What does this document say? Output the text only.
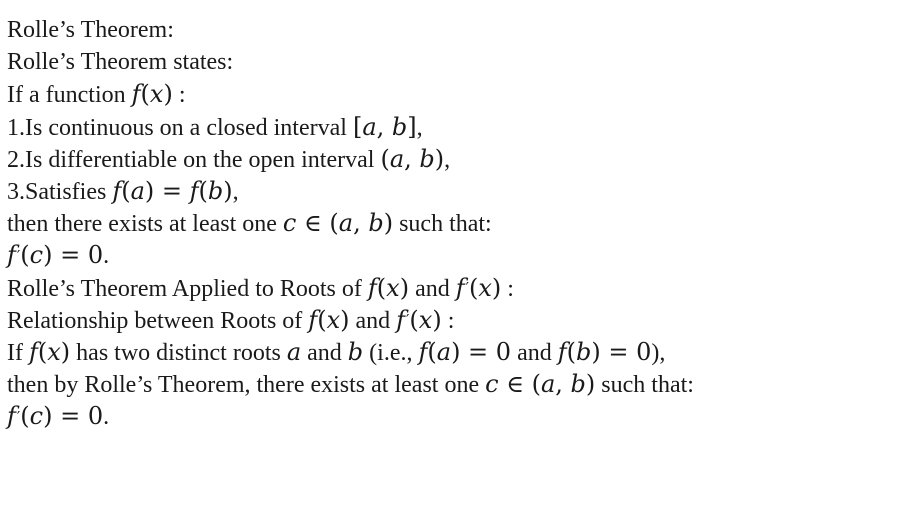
Rolle’s Theorem:
Rolle’s Theorem states:
If a function f(x) :
1.Is continuous on a closed interval [a, b],
2.Is differentiable on the open interval (a, b),
3.Satisfies f(a) = f(b),
then there exists at least one c ∈ (a, b) such that:
f′(c) = 0.
Rolle’s Theorem Applied to Roots of f(x) and f′(x) :
Relationship between Roots of f(x) and f′(x) :
If f(x) has two distinct roots a and b (i.e., f(a) = 0 and f(b) = 0),
then by Rolle’s Theorem, there exists at least one c ∈ (a, b) such that:
f′(c) = 0.
